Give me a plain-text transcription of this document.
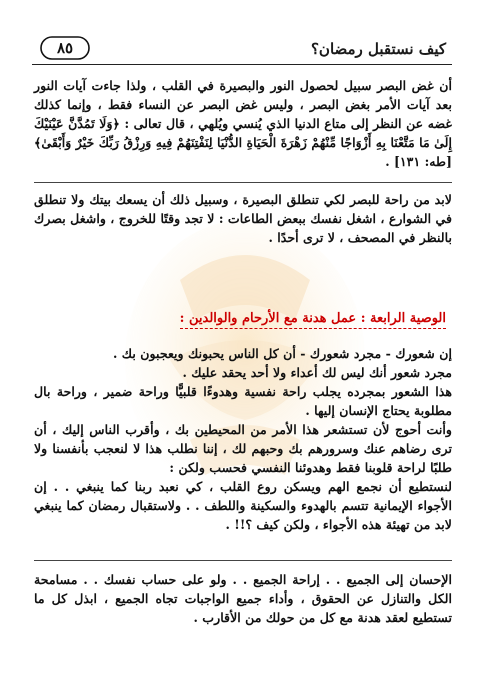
كيف نستقبل رمضان؟
٨٥

أن غض البصر سبيل لحصول النور والبصيرة في القلب ، ولذا جاءت آيات النور بعد آيات الأمر بغض البصر ، وليس غض البصر عن النساء فقط ، وإنما كذلك غضه عن النظر إلى متاع الدنيا الذي يُنسي ويُلهي ، قال تعالى : ﴿وَلَا تَمُدَّنَّ عَيْنَيْكَ إِلَىٰ مَا مَتَّعْنَا بِهِ أَزْوَاجًا مِّنْهُمْ زَهْرَةَ الْحَيَاةِ الدُّنْيَا لِنَفْتِنَهُمْ فِيهِ وَرِزْقُ رَبِّكَ خَيْرٌ وَأَبْقَىٰ﴾ [طه: ١٣١] .

لابد من راحة للبصر لكي تنطلق البصيرة ، وسبيل ذلك أن يسعك بيتك ولا تنطلق في الشوارع ، اشغل نفسك ببعض الطاعات : لا تجد وقتًا للخروج ، واشغل بصرك بالنظر في المصحف ، لا ترى أحدًا .

الوصية الرابعة : عمل هدنة مع الأرحام والوالدين :

إن شعورك - مجرد شعورك - أن كل الناس يحبونك ويعجبون بك .

مجرد شعور أنك ليس لك أعداء ولا أحد يحقد عليك .

هذا الشعور بمجرده يجلب راحة نفسية وهدوءًا قلبيًّا وراحة ضمير ، وراحة بال مطلوبة يحتاج الإنسان إليها .

وأنت أحوج لأن تستشعر هذا الأمر من المحيطين بك ، وأقرب الناس إليك ، أن ترى رضاهم عنك وسرورهم بك وحبهم لك ، إننا نطلب هذا لا لنعجب بأنفسنا ولا طلبًا لراحة قلوبنا فقط وهدوئنا النفسي فحسب ولكن :

لنستطيع أن نجمع الهم ويسكن روع القلب ، كي نعبد ربنا كما ينبغي . . إن الأجواء الإيمانية تتسم بالهدوء والسكينة واللطف . . ولاستقبال رمضان كما ينبغي لابد من تهيئة هذه الأجواء ، ولكن كيف ؟!! .

الإحسان إلى الجميع . . إراحة الجميع . . ولو على حساب نفسك . . مسامحة الكل والتنازل عن الحقوق ، وأداء جميع الواجبات تجاه الجميع ، ابذل كل ما تستطيع لعقد هدنة مع كل من حولك من الأقارب .
